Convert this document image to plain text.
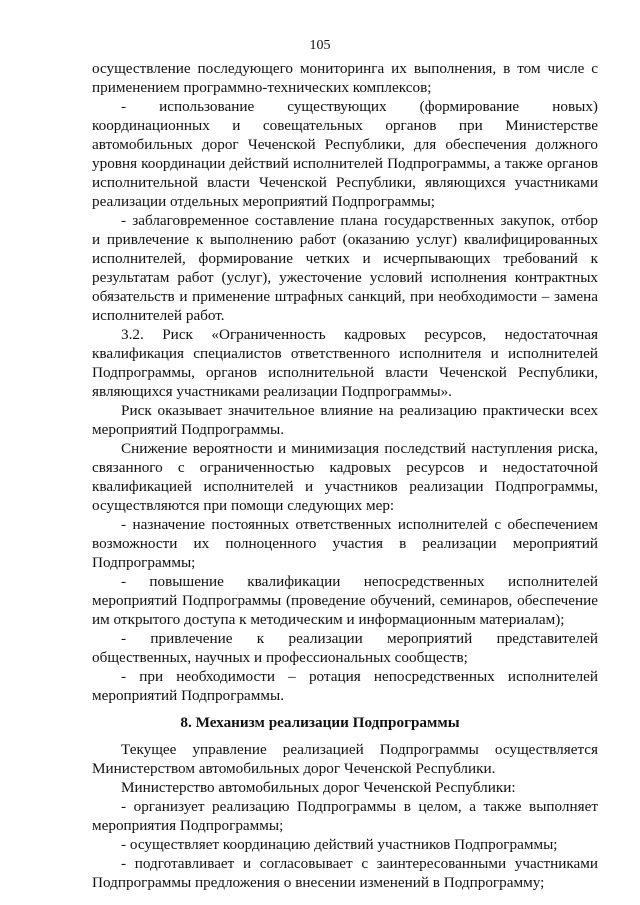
105
осуществление последующего мониторинга их выполнения, в том числе с
применением программно-технических комплексов;
- использование существующих (формирование новых)
координационных и совещательных органов при Министерстве
автомобильных дорог Чеченской Республики, для обеспечения должного
уровня координации действий исполнителей Подпрограммы, а также органов
исполнительной власти Чеченской Республики, являющихся участниками
реализации отдельных мероприятий Подпрограммы;
- заблаговременное составление плана государственных закупок, отбор
и привлечение к выполнению работ (оказанию услуг) квалифицированных
исполнителей, формирование четких и исчерпывающих требований к
результатам работ (услуг), ужесточение условий исполнения контрактных
обязательств и применение штрафных санкций, при необходимости – замена
исполнителей работ.
3.2. Риск «Ограниченность кадровых ресурсов, недостаточная
квалификация специалистов ответственного исполнителя и исполнителей
Подпрограммы, органов исполнительной власти Чеченской Республики,
являющихся участниками реализации Подпрограммы».
Риск оказывает значительное влияние на реализацию практически всех
мероприятий Подпрограммы.
Снижение вероятности и минимизация последствий наступления риска,
связанного с ограниченностью кадровых ресурсов и недостаточной
квалификацией исполнителей и участников реализации Подпрограммы,
осуществляются при помощи следующих мер:
- назначение постоянных ответственных исполнителей с обеспечением
возможности их полноценного участия в реализации мероприятий
Подпрограммы;
- повышение квалификации непосредственных исполнителей
мероприятий Подпрограммы (проведение обучений, семинаров, обеспечение
им открытого доступа к методическим и информационным материалам);
- привлечение к реализации мероприятий представителей
общественных, научных и профессиональных сообществ;
- при необходимости – ротация непосредственных исполнителей
мероприятий Подпрограммы.
8. Механизм реализации Подпрограммы
Текущее управление реализацией Подпрограммы осуществляется
Министерством автомобильных дорог Чеченской Республики.
Министерство автомобильных дорог Чеченской Республики:
- организует реализацию Подпрограммы в целом, а также выполняет
мероприятия Подпрограммы;
- осуществляет координацию действий участников Подпрограммы;
- подготавливает и согласовывает с заинтересованными участниками
Подпрограммы предложения о внесении изменений в Подпрограмму;
